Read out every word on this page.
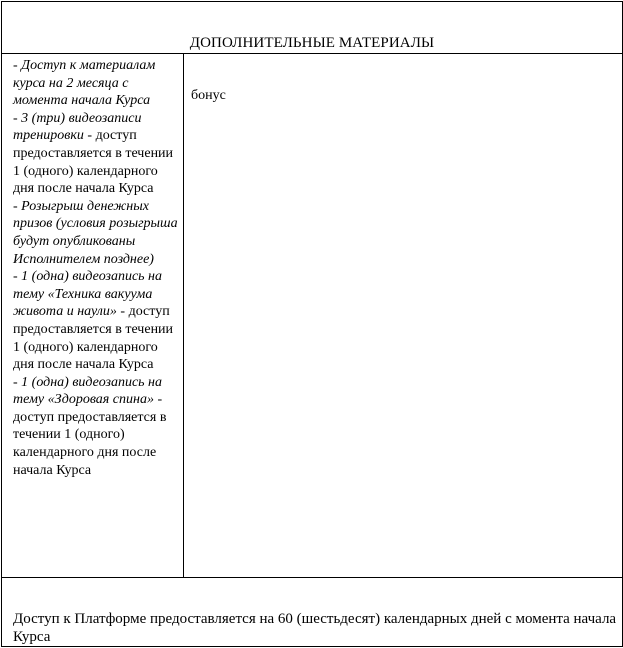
ДОПОЛНИТЕЛЬНЫЕ МАТЕРИАЛЫ
- Доступ к материалам курса на 2 месяца с момента начала Курса
- 3 (три) видеозаписи тренировки - доступ предоставляется в течении 1 (одного) календарного дня после начала Курса
- Розыгрыш денежных призов (условия розыгрыша будут опубликованы Исполнителем позднее)
- 1 (одна) видеозапись на тему «Техника вакуума живота и наули» - доступ предоставляется в течении 1 (одного) календарного дня после начала Курса
- 1 (одна) видеозапись на тему «Здоровая спина» - доступ предоставляется в течении 1 (одного) календарного дня после начала Курса
бонус
Доступ к Платформе предоставляется на 60 (шестьдесят) календарных дней с момента начала Курса
